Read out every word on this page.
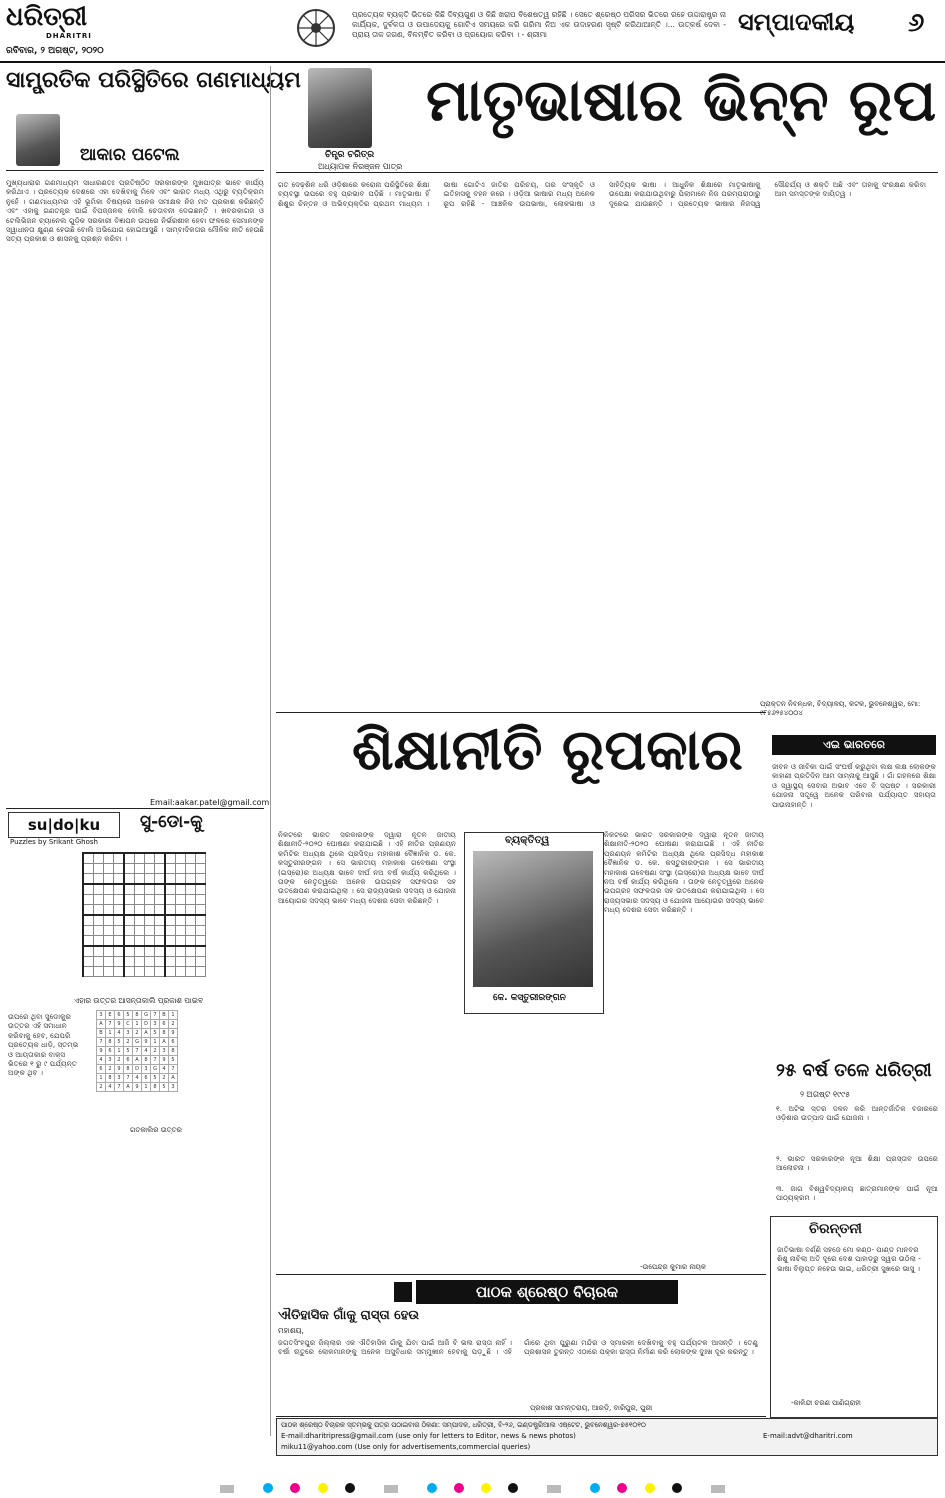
ଧରିତ୍ରୀ
DHARITRI
ରବିବାର, ୨ ଅଗଷ୍ଟ, ୨୦୨୦
ପ୍ରତ୍ୟେକ ବ୍ୟକ୍ତି ଭିତରେ କିଛି ଦିବ୍ୟଗୁଣ ଓ କିଛି ଖରାପ ବିଶେଷତ୍ୱ ରହିଛି । ସେତେ ଶ୍ରେଷ୍ଠ ପରିସର ଭିତରେ ରହେ ଉଦ୍ଦାରାଷ୍ଟ୍ର ନା କାର୍ଯ୍ୟିକ, ଦୁର୍ବଳତା ଓ ଉପାଦେୟକୁ ଗୋଟିଏ ସମୟରେ କରି ଗରିମା ନିଅ ଏକ ଉଦାହରଣ ସୃଷ୍ଟି କରିଥାଆନ୍ତି ।... ଉତ୍କର୍ଷ ଦେବା - ପ୍ରାୟ ତାକ ଜଗଣ, ବିଳମ୍ବିତ କରିବା ଓ ପ୍ରୟୋଗ କରିବା । - ଶ୍ରୀମା	ସମ୍ପାଦକୀୟ ୬
ସାମ୍ପ୍ରତିକ ପରିସ୍ଥିତିରେ ଗଣମାଧ୍ୟମ
ଆକାର ପଟେଲ
ମୁଖ୍ୟଧାରାର ଗଣମାଧ୍ୟମ ସାଧାରଣତଃ ପ୍ରତିଷ୍ଠିତ ସରକାରଙ୍କ ମୁଖପାତ୍ର ଭାବେ କାର୍ଯ୍ୟ କରିଥାଏ । ପ୍ରତ୍ୟେକ ଦେଶରେ ଏହା ଦେଖିବାକୁ ମିଳେ ଏବଂ ଭାରତ ମଧ୍ୟ ଏଥିରୁ ବ୍ୟତିକ୍ରମ ନୁହେଁ । ଗଣମାଧ୍ୟମର ଏହି ଭୂମିକା ବିଷୟରେ ଅନେକ ସମୀକ୍ଷକ ନିଜ ମତ ପ୍ରକାଶ କରିଛନ୍ତି ଏବଂ ଏହାକୁ ଗଣତନ୍ତ୍ର ପାଇଁ ବିପଜ୍ଜନକ ବୋଲି ଚେତାବନୀ ଦେଇଛନ୍ତି । ଖବରକାଗଜ ଓ ଟେଲିଭିଜନ ଚ୍ୟାନେଲ ଗୁଡ଼ିକ ସରକାରୀ ବିଜ୍ଞାପନ ଉପରେ ନିର୍ଭରଶୀଳ ହେବା ଫଳରେ ସେମାନଙ୍କ ସ୍ୱାଧୀନତା କ୍ଷୁଣ୍ଣ ହେଉଛି ବୋଲି ଅଭିଯୋଗ ହୋଇଆସୁଛି । ସାମ୍ବାଦିକତାର ମୌଳିକ ନୀତି ହେଉଛି ସତ୍ୟ ପ୍ରକାଶ ଓ ଶାସନକୁ ପ୍ରଶ୍ନ କରିବା ।
Email:aakar.patel@gmail.com
ଚିନ୍ତ୍ର ଚରିତ୍ର
ଅଧ୍ୟାପକ ନିରଞ୍ଜନ ପାତ୍ର
ମାତୃଭାଷାର ଭିନ୍ନ ରୂପ
ଗତ ଦେଢ଼ଶିନ ଧରି ଓଡ଼ିଶାରେ କରୋନା ପରିସ୍ଥିତିରେ ଶିକ୍ଷା ବ୍ୟବସ୍ଥା ଉପରେ ବହୁ ପ୍ରଭାବ ପଡ଼ିଛି । ମାତୃଭାଷା ହିଁ ଶିଶୁର ଚିନ୍ତନ ଓ ଅଭିବ୍ୟକ୍ତିର ପ୍ରଥମ ମାଧ୍ୟମ । ଭାଷା ଗୋଟିଏ ଜାତିର ପରିଚୟ, ତାର ସଂସ୍କୃତି ଓ ଇତିହାସକୁ ବହନ କରେ । ଓଡ଼ିଆ ଭାଷାର ମଧ୍ୟ ଅନେକ ରୂପ ରହିଛି - ଆଞ୍ଚଳିକ ଉପଭାଷା, ଲୋକଭାଷା ଓ ସାହିତ୍ୟିକ ଭାଷା । ଆଧୁନିକ ଶିକ୍ଷାରେ ମାତୃଭାଷାକୁ ଉପେକ୍ଷା କରାଯାଉଥିବାରୁ ପିଲାମାନେ ନିଜ ପରମ୍ପରାଠାରୁ ଦୂରେଇ ଯାଉଛନ୍ତି । ପ୍ରତ୍ୟେକ ଭାଷାର ନିଜସ୍ୱ ସୌନ୍ଦର୍ଯ୍ୟ ଓ ଶକ୍ତି ଅଛି ଏବଂ ତାହାକୁ ସଂରକ୍ଷଣ କରିବା ଆମ ସମସ୍ତଙ୍କ ଦାୟିତ୍ୱ ।
ପ୍ରାକ୍ତନ ନିବନ୍ଧକ, ବିଦ୍ୟାଳୟ, କଟକ, ଭୁବନେଶ୍ୱର, ମୋ: ୯୮୫୬୨୫୪୦୦୪
ଏଇ ଭାରତରେ
ଜୀବନ ଓ ଜୀବିକା ପାଇଁ ସଂଘର୍ଷ କରୁଥିବା ଲକ୍ଷ ଲକ୍ଷ ଲୋକଙ୍କ କାହାଣୀ ପ୍ରତିଦିନ ଆମ ସାମ୍ନାକୁ ଆସୁଛି । ଗାଁ ଗହଳରେ ଶିକ୍ଷା ଓ ସ୍ୱାସ୍ଥ୍ୟ ସେବାର ଅଭାବ ଏବେ ବି ସ୍ପଷ୍ଟ । ସରକାରୀ ଯୋଜନା ସତ୍ତ୍ୱେ ଅନେକ ପରିବାର ପର୍ଯ୍ୟାପ୍ତ ସହାୟତା ପାଉନାହାନ୍ତି ।
୨୫ ବର୍ଷ ତଳେ ଧରିତ୍ରୀ
୨ ଅଗଷ୍ଟ ୧୯୯୫
୧. ଅଟିଭ ସ୍ତର ଦଳନ କରି ଆନ୍ତର୍ଜାତିକ ବଜାରରେ ଓଡ଼ିଶାର ଉତ୍ପାଦ ପାଇଁ ଯୋଜନା ।
୨. ଭାରତ ସରକାରଙ୍କ ନୂଆ ଶିକ୍ଷା ପ୍ରସ୍ତାବ ଉପରେ ଆଲୋଚନା ।
୩. ଜାଗ ବିଶ୍ୱବିଦ୍ୟାଳୟ ଛାତ୍ରମାନଙ୍କ ପାଇଁ ନୂଆ ପାଠ୍ୟକ୍ରମ ।
ଚିରନ୍ତନୀ
ଜାତିଭାଷା ବର୍ଣ୍ଣି ସହଜେ ମୋ କଣ୍ଠ- ପାଣ୍ଡ ମାନବର ଶିଶୁ ନାଚିଲା ଅତି ଦୂରେ ଦେଶ ପାହାଡ଼ରୁ ସ୍ୱର ଉଠିଲା - ଭାଷା ବିଲୁପ୍ତ ନହେଉ ଭାଇ, ଧରିତ୍ରୀ ସୁଖରେ ଭାସୁ ।
-କାଳିନ୍ଦୀ ଚରଣ ପାଣିଗ୍ରାହୀ
ଶିକ୍ଷାନୀତି ରୂପକାର
ନିକଟରେ ଭାରତ ସରକାରଙ୍କ ଦ୍ୱାରା ନୂତନ ଜାତୀୟ ଶିକ୍ଷାନୀତି-୨୦୨୦ ଘୋଷଣା କରାଯାଇଛି । ଏହି ନୀତିର ପ୍ରଣୟନ କମିଟିର ଅଧ୍ୟକ୍ଷ ଥିଲେ ପ୍ରସିଦ୍ଧ ମହାକାଶ ବୈଜ୍ଞାନିକ ଡ. କେ. କସ୍ତୁରୀରଙ୍ଗନ । ସେ ଭାରତୀୟ ମହାକାଶ ଗବେଷଣା ସଂସ୍ଥା (ଇସ୍ରୋ)ର ଅଧ୍ୟକ୍ଷ ଭାବେ ଦୀର୍ଘ ନଅ ବର୍ଷ କାର୍ଯ୍ୟ କରିଥିଲେ । ତାଙ୍କ ନେତୃତ୍ୱରେ ଅନେକ ଉପଗ୍ରହ ସଫଳତାର ସହ ଉତକ୍ଷେପଣ କରାଯାଇଥିଲା । ସେ ରାଜ୍ୟସଭାର ସଦସ୍ୟ ଓ ଯୋଜନା ଆୟୋଗର ସଦସ୍ୟ ଭାବେ ମଧ୍ୟ ଦେଶର ସେବା କରିଛନ୍ତି ।
ବ୍ୟକ୍ତିତ୍ୱ
କେ. କସ୍ତୁରୀରଙ୍ଗନ
ନିକଟରେ ଭାରତ ସରକାରଙ୍କ ଦ୍ୱାରା ନୂତନ ଜାତୀୟ ଶିକ୍ଷାନୀତି-୨୦୨୦ ଘୋଷଣା କରାଯାଇଛି । ଏହି ନୀତିର ପ୍ରଣୟନ କମିଟିର ଅଧ୍ୟକ୍ଷ ଥିଲେ ପ୍ରସିଦ୍ଧ ମହାକାଶ ବୈଜ୍ଞାନିକ ଡ. କେ. କସ୍ତୁରୀରଙ୍ଗନ । ସେ ଭାରତୀୟ ମହାକାଶ ଗବେଷଣା ସଂସ୍ଥା (ଇସ୍ରୋ)ର ଅଧ୍ୟକ୍ଷ ଭାବେ ଦୀର୍ଘ ନଅ ବର୍ଷ କାର୍ଯ୍ୟ କରିଥିଲେ । ତାଙ୍କ ନେତୃତ୍ୱରେ ଅନେକ ଉପଗ୍ରହ ସଫଳତାର ସହ ଉତକ୍ଷେପଣ କରାଯାଇଥିଲା । ସେ ରାଜ୍ୟସଭାର ସଦସ୍ୟ ଓ ଯୋଜନା ଆୟୋଗର ସଦସ୍ୟ ଭାବେ ମଧ୍ୟ ଦେଶର ସେବା କରିଛନ୍ତି ।
-ଉପେନ୍ଦ୍ର କୁମାର ନାୟକ
su|do|ku
Puzzles by Srikant Ghosh
ସୁ-ଡୋ-କୁ

ଏହାର ଉତ୍ତର ଆସନ୍ତାକାଲି ପ୍ରକାଶ ପାଇବ
ଉପରେ ଥିବା ସୁଡୋକୁର ଉତ୍ତର ଏହି ସମାଧାନ କରିବାକୁ ହେବ, ଯେପରି ପ୍ରତ୍ୟେକ ଧାଡ଼ି, ସ୍ତମ୍ଭ ଓ ଆୟତାକାର ବାକ୍ସ ଭିତରେ ୧ ରୁ ୯ ପର୍ଯ୍ୟନ୍ତ ଅଙ୍କ ଥିବ ।
3	E	6	5	8	G	7	B	1
A	7	9	C	1	D	3	6	2
B	1	4	3	2	A	5	8	9
7	8	5	2	G	9	1	A	6
9	6	1	5	7	4	2	3	8
4	3	2	6	A	8	7	9	5
6	2	9	8	D	3	G	4	7
1	8	3	7	4	6	5	2	A
2	4	7	A	9	1	8	5	3
ଗତକାଲିର ଉତ୍ତର
ପାଠକ ଶ୍ରେଷ୍ଠ ବିଚାରକ
ଐତିହାସିକ ଗାଁକୁ ରାସ୍ତା ହେଉ
ମହାଶୟ,
ଜଗତସିଂହପୁର ଜିଲ୍ଲାର ଏକ ଐତିହାସିକ ଗାଁକୁ ଯିବା ପାଇଁ ଆଜି ବି ଭଲ ରାସ୍ତା ନାହିଁ । ବର୍ଷା ଋତୁରେ ଲୋକମାନଙ୍କୁ ଅନେକ ଅସୁବିଧାର ସମ୍ମୁଖୀନ ହେବାକୁ ପଡ଼ୁଛି । ଏହି ଗାଁରେ ଥିବା ପୁରୁଣା ମନ୍ଦିର ଓ ସ୍ମାରକୀ ଦେଖିବାକୁ ବହୁ ପର୍ଯ୍ୟଟକ ଆସନ୍ତି । ତେଣୁ ପ୍ରଶାସନ ତୁରନ୍ତ ଏଠାରେ ପକ୍କା ରାସ୍ତା ନିର୍ମାଣ କରି ଲୋକଙ୍କ ଦୁଃଖ ଦୂର କରନ୍ତୁ ।
ପ୍ରକାଶ ସାମନ୍ତରାୟ, ଆରଡ଼ି, ବାରିପୁର, ପୁରୀ
ପାଠକ ଶ୍ରେଷ୍ଠ ବିଚାରକ ସ୍ତମ୍ଭକୁ ପତ୍ର ପଠାଇବାର ଠିକଣା: ସମ୍ପାଦକ, ଧରିତ୍ରୀ, ବି-୨୬, ଇଣ୍ଡଷ୍ଟ୍ରିଆଲ ଏଷ୍ଟେଟ, ଭୁବନେଶ୍ୱର-୭୫୧୦୧୦
E-mail:dharitripress@gmail.com (use only for letters to Editor, news & news photos)	E-mail:advt@dharitri.com
miku11@yahoo.com (Use only for advertisements,commercial queries)
